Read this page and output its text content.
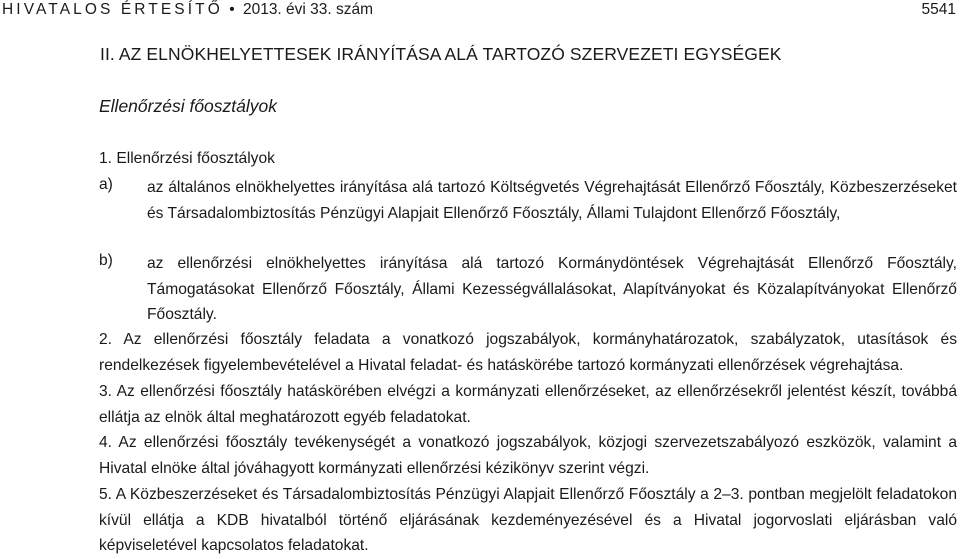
HIVATALOS ÉRTESÍTŐ • 2013. évi 33. szám	5541
II. AZ ELNÖKHELYETTESEK IRÁNYÍTÁSA ALÁ TARTOZÓ SZERVEZETI EGYSÉGEK
Ellenőrzési főosztályok
1. Ellenőrzési főosztályok
a) az általános elnökhelyettes irányítása alá tartozó Költségvetés Végrehajtását Ellenőrző Főosztály, Közbeszerzéseket és Társadalombiztosítás Pénzügyi Alapjait Ellenőrző Főosztály, Állami Tulajdont Ellenőrző Főosztály,
b) az ellenőrzési elnökhelyettes irányítása alá tartozó Kormánydöntések Végrehajtását Ellenőrző Főosztály, Támogatásokat Ellenőrző Főosztály, Állami Kezességvállalásokat, Alapítványokat és Közalapítványokat Ellenőrző Főosztály.
2. Az ellenőrzési főosztály feladata a vonatkozó jogszabályok, kormányhatározatok, szabályzatok, utasítások és rendelkezések figyelembevételével a Hivatal feladat- és hatáskörébe tartozó kormányzati ellenőrzések végrehajtása.
3. Az ellenőrzési főosztály hatáskörében elvégzi a kormányzati ellenőrzéseket, az ellenőrzésekről jelentést készít, továbbá ellátja az elnök által meghatározott egyéb feladatokat.
4. Az ellenőrzési főosztály tevékenységét a vonatkozó jogszabályok, közjogi szervezetszabályozó eszközök, valamint a Hivatal elnöke által jóváhagyott kormányzati ellenőrzési kézikönyv szerint végzi.
5. A Közbeszerzéseket és Társadalombiztosítás Pénzügyi Alapjait Ellenőrző Főosztály a 2–3. pontban megjelölt feladatokon kívül ellátja a KDB hivatalból történő eljárásának kezdeményezésével és a Hivatal jogorvoslati eljárásban való képviseletével kapcsolatos feladatokat.
